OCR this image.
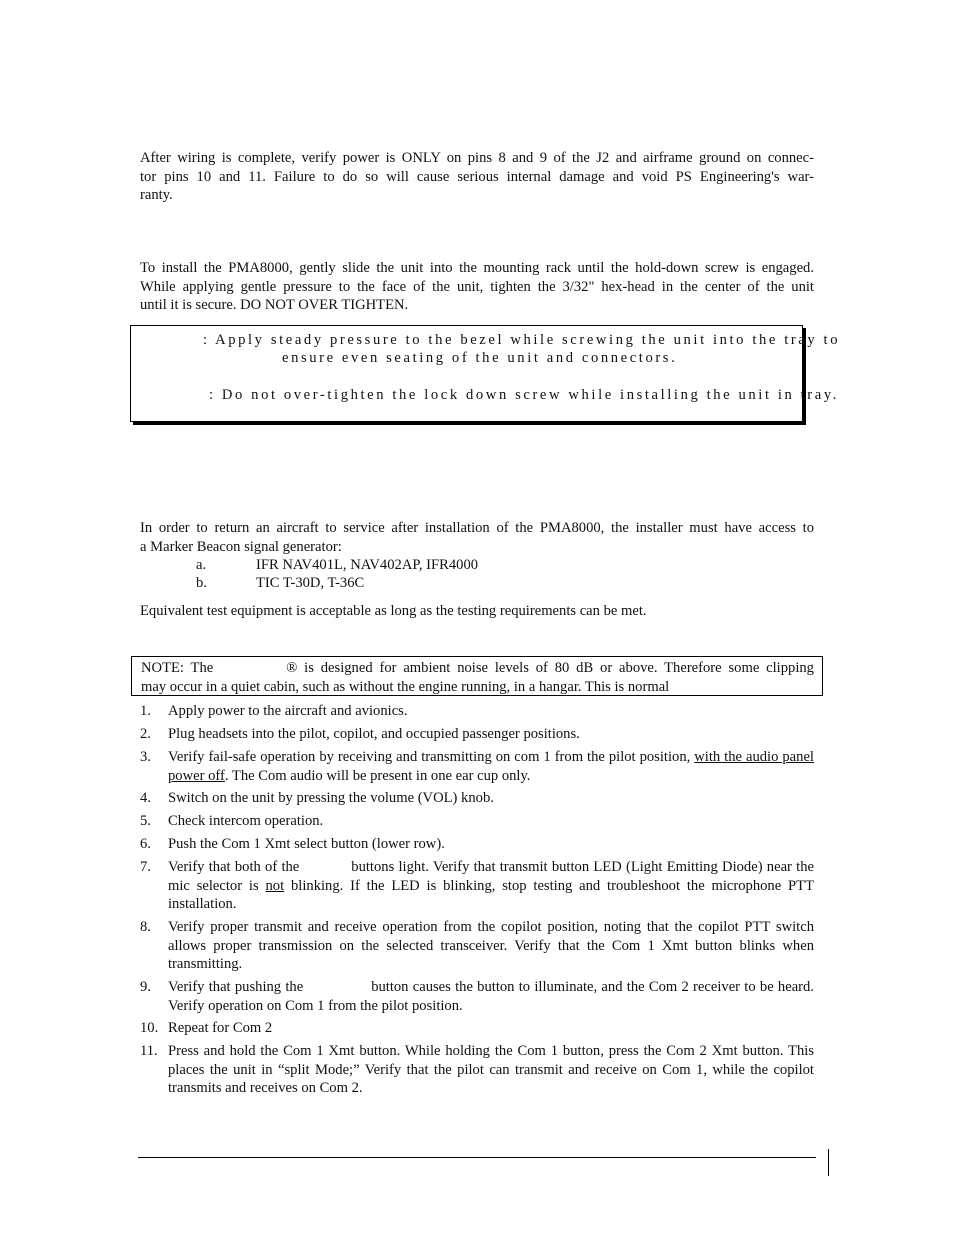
After wiring is complete, verify power is ONLY on pins 8 and 9 of the J2 and airframe ground on connec-

tor pins 10 and 11. Failure to do so will cause serious internal damage and void PS Engineering's war-

ranty.

To install the PMA8000, gently slide the unit into the mounting rack until the hold-down screw is engaged.

While applying gentle pressure to the face of the unit, tighten the 3/32" hex-head in the center of the unit

until it is secure. DO NOT OVER TIGHTEN.

: Apply steady pressure to the bezel while screwing the unit into the tray to
ensure even seating of the unit and connectors.
: Do not over-tighten the lock down screw while installing the unit in tray.

In order to return an aircraft to service after installation of the PMA8000, the installer must have access to

a Marker Beacon signal generator:

a.	IFR NAV401L, NAV402AP, IFR4000
b.	TIC T-30D, T-36C

Equivalent test equipment is acceptable as long as the testing requirements can be met.

NOTE: The	® is designed for ambient noise levels of 80 dB or above. Therefore some clipping

may occur in a quiet cabin, such as without the engine running, in a hangar. This is normal

1.	Apply power to the aircraft and avionics.
2.	Plug headsets into the pilot, copilot, and occupied passenger positions.
3.	Verify fail-safe operation by receiving and transmitting on com 1 from the pilot position, with the audio panel power off. The Com audio will be present in one ear cup only.
4.	Switch on the unit by pressing the volume (VOL) knob.
5.	Check intercom operation.
6.	Push the Com 1 Xmt select button (lower row).
7.	Verify that both of the	buttons light. Verify that transmit button LED (Light Emitting Diode) near the mic selector is not blinking. If the LED is blinking, stop testing and troubleshoot the microphone PTT installation.
8.	Verify proper transmit and receive operation from the copilot position, noting that the copilot PTT switch allows proper transmission on the selected transceiver. Verify that the Com 1 Xmt button blinks when transmitting.
9.	Verify that pushing the	button causes the button to illuminate, and the Com 2 receiver to be heard. Verify operation on Com 1 from the pilot position.
10. Repeat for Com 2
11. Press and hold the Com 1 Xmt button. While holding the Com 1 button, press the Com 2 Xmt button. This places the unit in “split Mode;” Verify that the pilot can transmit and receive on Com 1, while the copilot transmits and receives on Com 2.
